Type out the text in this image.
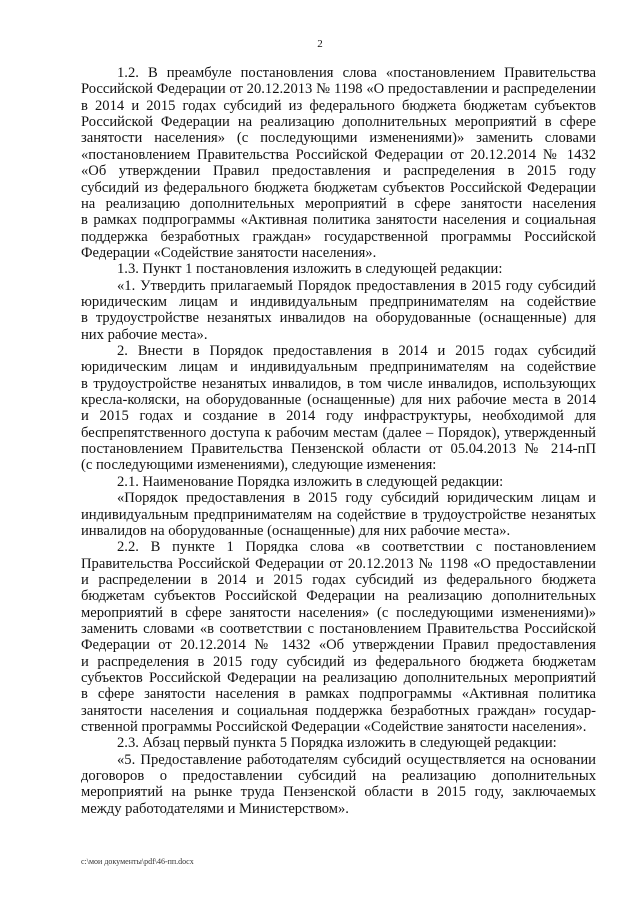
2
1.2. В преамбуле постановления слова «постановлением Правительства
Российской Федерации от 20.12.2013 № 1198 «О предоставлении и распределении
в 2014 и 2015 годах субсидий из федерального бюджета бюджетам субъектов
Российской Федерации на реализацию дополнительных мероприятий в сфере
занятости населения» (с последующими изменениями)» заменить словами
«постановлением Правительства Российской Федерации от 20.12.2014 № 1432
«Об утверждении Правил предоставления и распределения в 2015 году
субсидий из федерального бюджета бюджетам субъектов Российской Федерации
на реализацию дополнительных мероприятий в сфере занятости населения
в рамках подпрограммы «Активная политика занятости населения и социальная
поддержка безработных граждан» государственной программы Российской
Федерации «Содействие занятости населения».
1.3. Пункт 1 постановления изложить в следующей редакции:
«1. Утвердить прилагаемый Порядок предоставления в 2015 году субсидий
юридическим лицам и индивидуальным предпринимателям на содействие
в трудоустройстве незанятых инвалидов на оборудованные (оснащенные) для
них рабочие места».
2. Внести в Порядок предоставления в 2014 и 2015 годах субсидий
юридическим лицам и индивидуальным предпринимателям на содействие
в трудоустройстве незанятых инвалидов, в том числе инвалидов, использующих
кресла-коляски, на оборудованные (оснащенные) для них рабочие места в 2014
и 2015 годах и создание в 2014 году инфраструктуры, необходимой для
беспрепятственного доступа к рабочим местам (далее – Порядок), утвержденный
постановлением Правительства Пензенской области от 05.04.2013 № 214-пП
(с последующими изменениями), следующие изменения:
2.1. Наименование Порядка изложить в следующей редакции:
«Порядок предоставления в 2015 году субсидий юридическим лицам и
индивидуальным предпринимателям на содействие в трудоустройстве незанятых
инвалидов на оборудованные (оснащенные) для них рабочие места».
2.2. В пункте 1 Порядка слова «в соответствии с постановлением
Правительства Российской Федерации от 20.12.2013 № 1198 «О предоставлении
и распределении в 2014 и 2015 годах субсидий из федерального бюджета
бюджетам субъектов Российской Федерации на реализацию дополнительных
мероприятий в сфере занятости населения» (с последующими изменениями)»
заменить словами «в соответствии с постановлением Правительства Российской
Федерации от 20.12.2014 № 1432 «Об утверждении Правил предоставления
и распределения в 2015 году субсидий из федерального бюджета бюджетам
субъектов Российской Федерации на реализацию дополнительных мероприятий
в сфере занятости населения в рамках подпрограммы «Активная политика
занятости населения и социальная поддержка безработных граждан» государ-
ственной программы Российской Федерации «Содействие занятости населения».
2.3. Абзац первый пункта 5 Порядка изложить в следующей редакции:
«5. Предоставление работодателям субсидий осуществляется на основании
договоров о предоставлении субсидий на реализацию дополнительных
мероприятий на рынке труда Пензенской области в 2015 году, заключаемых
между работодателями и Министерством».
c:\мои документы\pdf\46-пп.docx
